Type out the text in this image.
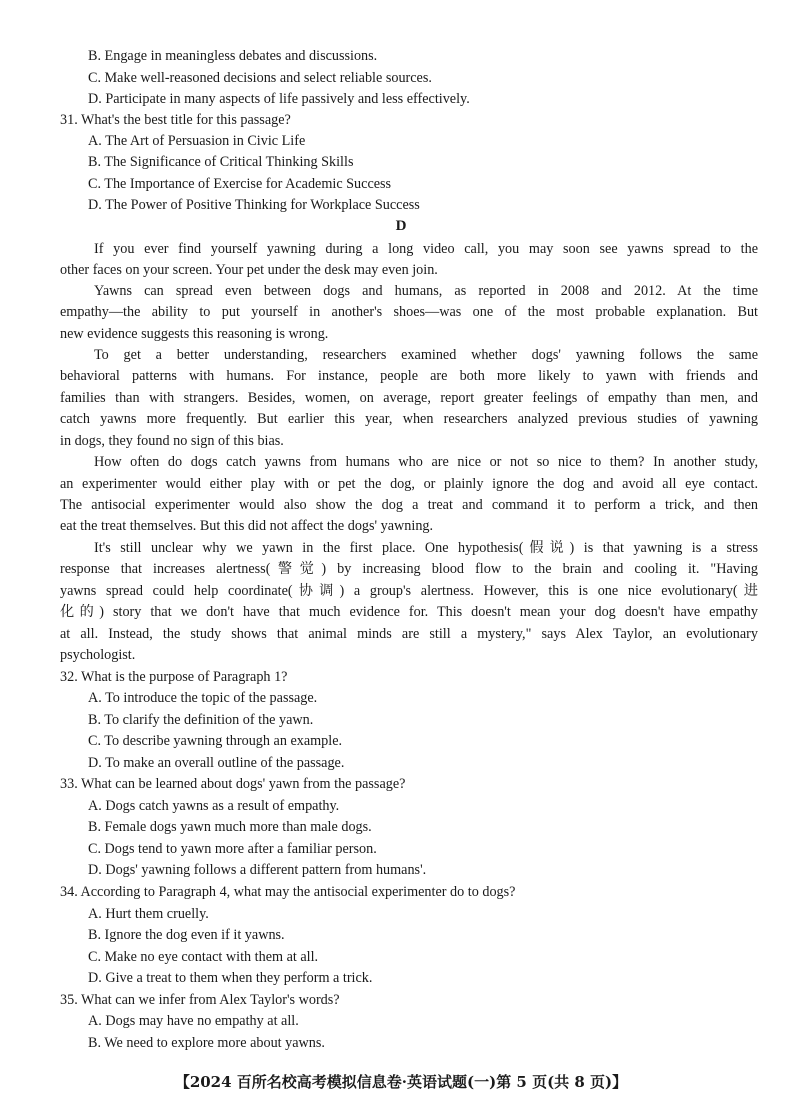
B. Engage in meaningless debates and discussions.
C. Make well-reasoned decisions and select reliable sources.
D. Participate in many aspects of life passively and less effectively.
31. What's the best title for this passage?
A. The Art of Persuasion in Civic Life
B. The Significance of Critical Thinking Skills
C. The Importance of Exercise for Academic Success
D. The Power of Positive Thinking for Workplace Success
D
If you ever find yourself yawning during a long video call, you may soon see yawns spread to the
other faces on your screen. Your pet under the desk may even join.
Yawns can spread even between dogs and humans, as reported in 2008 and 2012. At the time
empathy—the ability to put yourself in another's shoes—was one of the most probable explanation. But
new evidence suggests this reasoning is wrong.
To get a better understanding, researchers examined whether dogs' yawning follows the same
behavioral patterns with humans. For instance, people are both more likely to yawn with friends and
families than with strangers. Besides, women, on average, report greater feelings of empathy than men, and
catch yawns more frequently. But earlier this year, when researchers analyzed previous studies of yawning
in dogs, they found no sign of this bias.
How often do dogs catch yawns from humans who are nice or not so nice to them? In another study,
an experimenter would either play with or pet the dog, or plainly ignore the dog and avoid all eye contact.
The antisocial experimenter would also show the dog a treat and command it to perform a trick, and then
eat the treat themselves. But this did not affect the dogs' yawning.
It's still unclear why we yawn in the first place. One hypothesis(假说) is that yawning is a stress
response that increases alertness(警觉) by increasing blood flow to the brain and cooling it. "Having
yawns spread could help coordinate(协调) a group's alertness. However, this is one nice evolutionary(进
化的) story that we don't have that much evidence for. This doesn't mean your dog doesn't have empathy
at all. Instead, the study shows that animal minds are still a mystery," says Alex Taylor, an evolutionary
psychologist.
32. What is the purpose of Paragraph 1?
A. To introduce the topic of the passage.
B. To clarify the definition of the yawn.
C. To describe yawning through an example.
D. To make an overall outline of the passage.
33. What can be learned about dogs' yawn from the passage?
A. Dogs catch yawns as a result of empathy.
B. Female dogs yawn much more than male dogs.
C. Dogs tend to yawn more after a familiar person.
D. Dogs' yawning follows a different pattern from humans'.
34. According to Paragraph 4, what may the antisocial experimenter do to dogs?
A. Hurt them cruelly.
B. Ignore the dog even if it yawns.
C. Make no eye contact with them at all.
D. Give a treat to them when they perform a trick.
35. What can we infer from Alex Taylor's words?
A. Dogs may have no empathy at all.
B. We need to explore more about yawns.
【2024 百所名校高考模拟信息卷·英语试题(一)第 5 页(共 8 页)】
